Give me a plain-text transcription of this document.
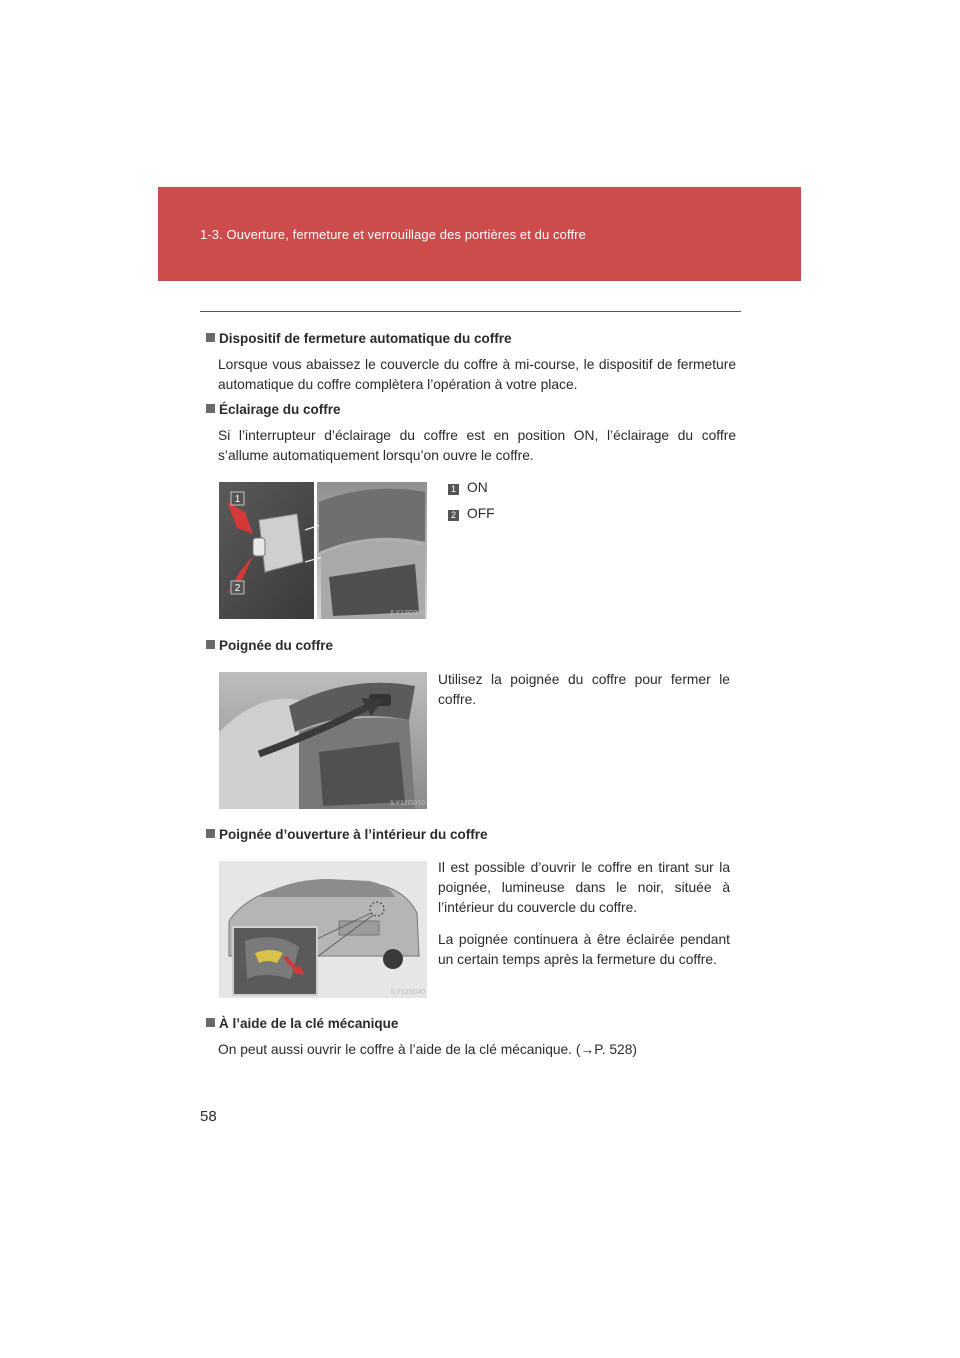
1-3. Ouverture, fermeture et verrouillage des portières et du coffre
Dispositif de fermeture automatique du coffre
Lorsque vous abaissez le couvercle du coffre à mi-course, le dispositif de fermeture automatique du coffre complètera l’opération à votre place.
Éclairage du coffre
Si l’interrupteur d’éclairage du coffre est en position ON, l’éclairage du coffre s’allume automatiquement lorsqu’on ouvre le coffre.
1
2
ILY12G004
1 ON
2 OFF
Poignée du coffre
ILY12G010

Utilisez la poignée du coffre pour fermer le coffre.

Poignée d’ouverture à l’intérieur du coffre
ILY12S040

Il est possible d’ouvrir le coffre en tirant sur la poignée, lumineuse dans le noir, située à l’intérieur du couvercle du coffre.

La poignée continuera à être éclairée pendant un certain temps après la fermeture du coffre.

À l’aide de la clé mécanique
On peut aussi ouvrir le coffre à l’aide de la clé mécanique. (→P. 528)
58
